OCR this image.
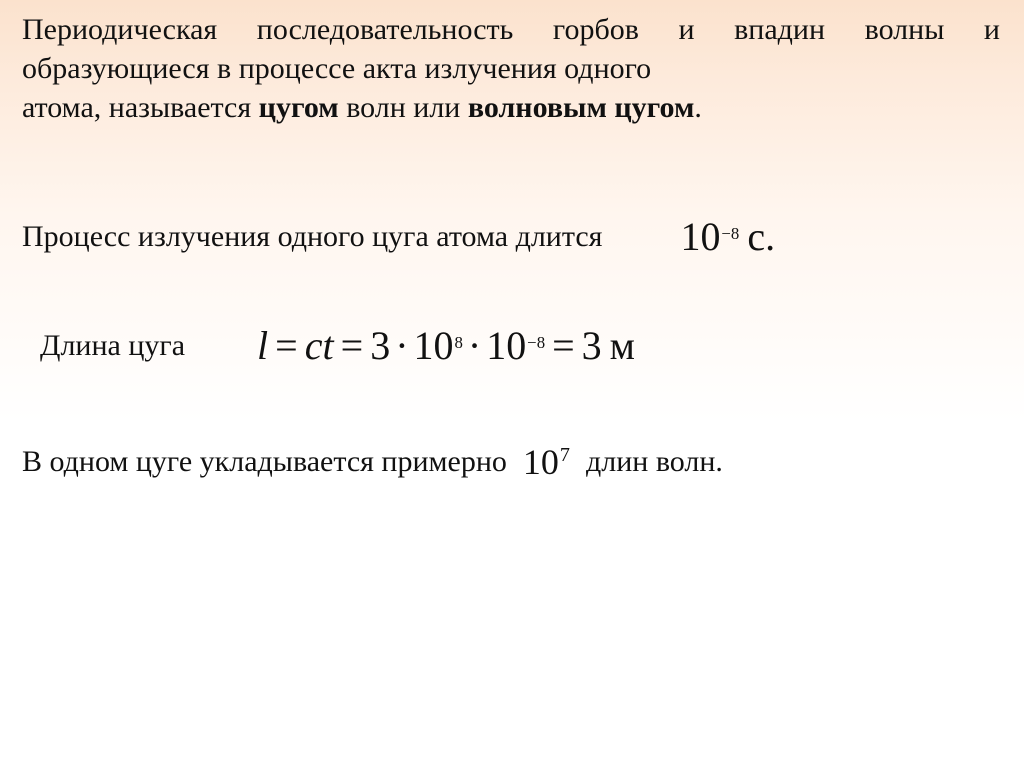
Периодическая последовательность горбов и впадин волны и образующиеся в процессе акта излучения одного
атома, называется цугом волн или волновым цугом.

Процесс излучения одного цуга атома длится $10^{-8}$ с.
Длина цуга l = ct = $3 \cdot 10^8 \cdot 10^{-8} = 3$ м
В одном цуге укладывается примерно $10^7$ длин волн.
